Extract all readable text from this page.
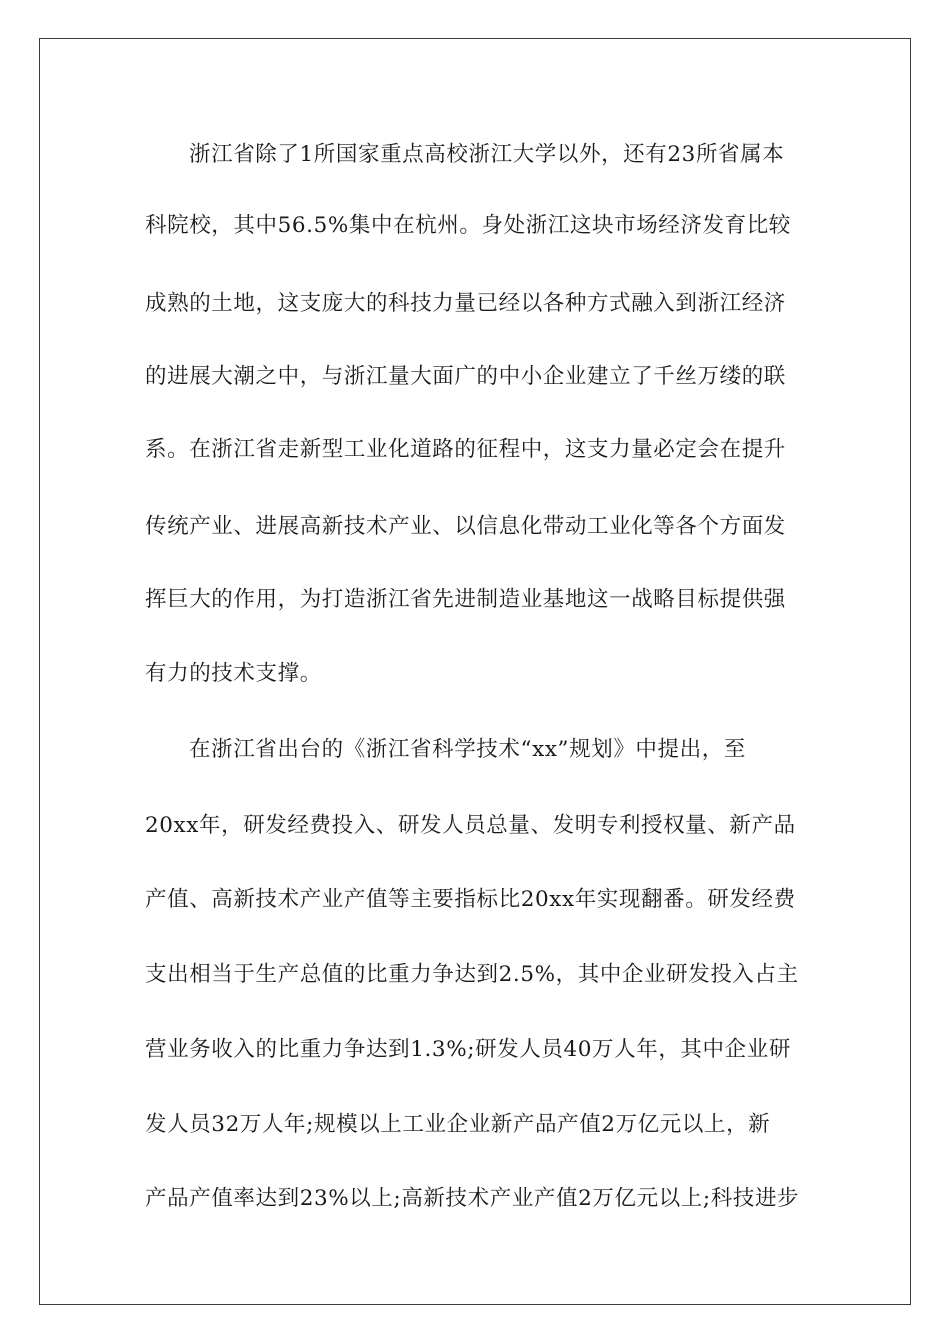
浙江省除了1所国家重点高校浙江大学以外，还有23所省属本
科院校，其中56.5%集中在杭州。身处浙江这块市场经济发育比较
成熟的土地，这支庞大的科技力量已经以各种方式融入到浙江经济
的进展大潮之中，与浙江量大面广的中小企业建立了千丝万缕的联
系。在浙江省走新型工业化道路的征程中，这支力量必定会在提升
传统产业、进展高新技术产业、以信息化带动工业化等各个方面发
挥巨大的作用，为打造浙江省先进制造业基地这一战略目标提供强
有力的技术支撑。
在浙江省出台的《浙江省科学技术“xx”规划》中提出，至
20xx年，研发经费投入、研发人员总量、发明专利授权量、新产品
产值、高新技术产业产值等主要指标比20xx年实现翻番。研发经费
支出相当于生产总值的比重力争达到2.5%，其中企业研发投入占主
营业务收入的比重力争达到1.3%;研发人员40万人年，其中企业研
发人员32万人年;规模以上工业企业新产品产值2万亿元以上，新
产品产值率达到23%以上;高新技术产业产值2万亿元以上;科技进步
